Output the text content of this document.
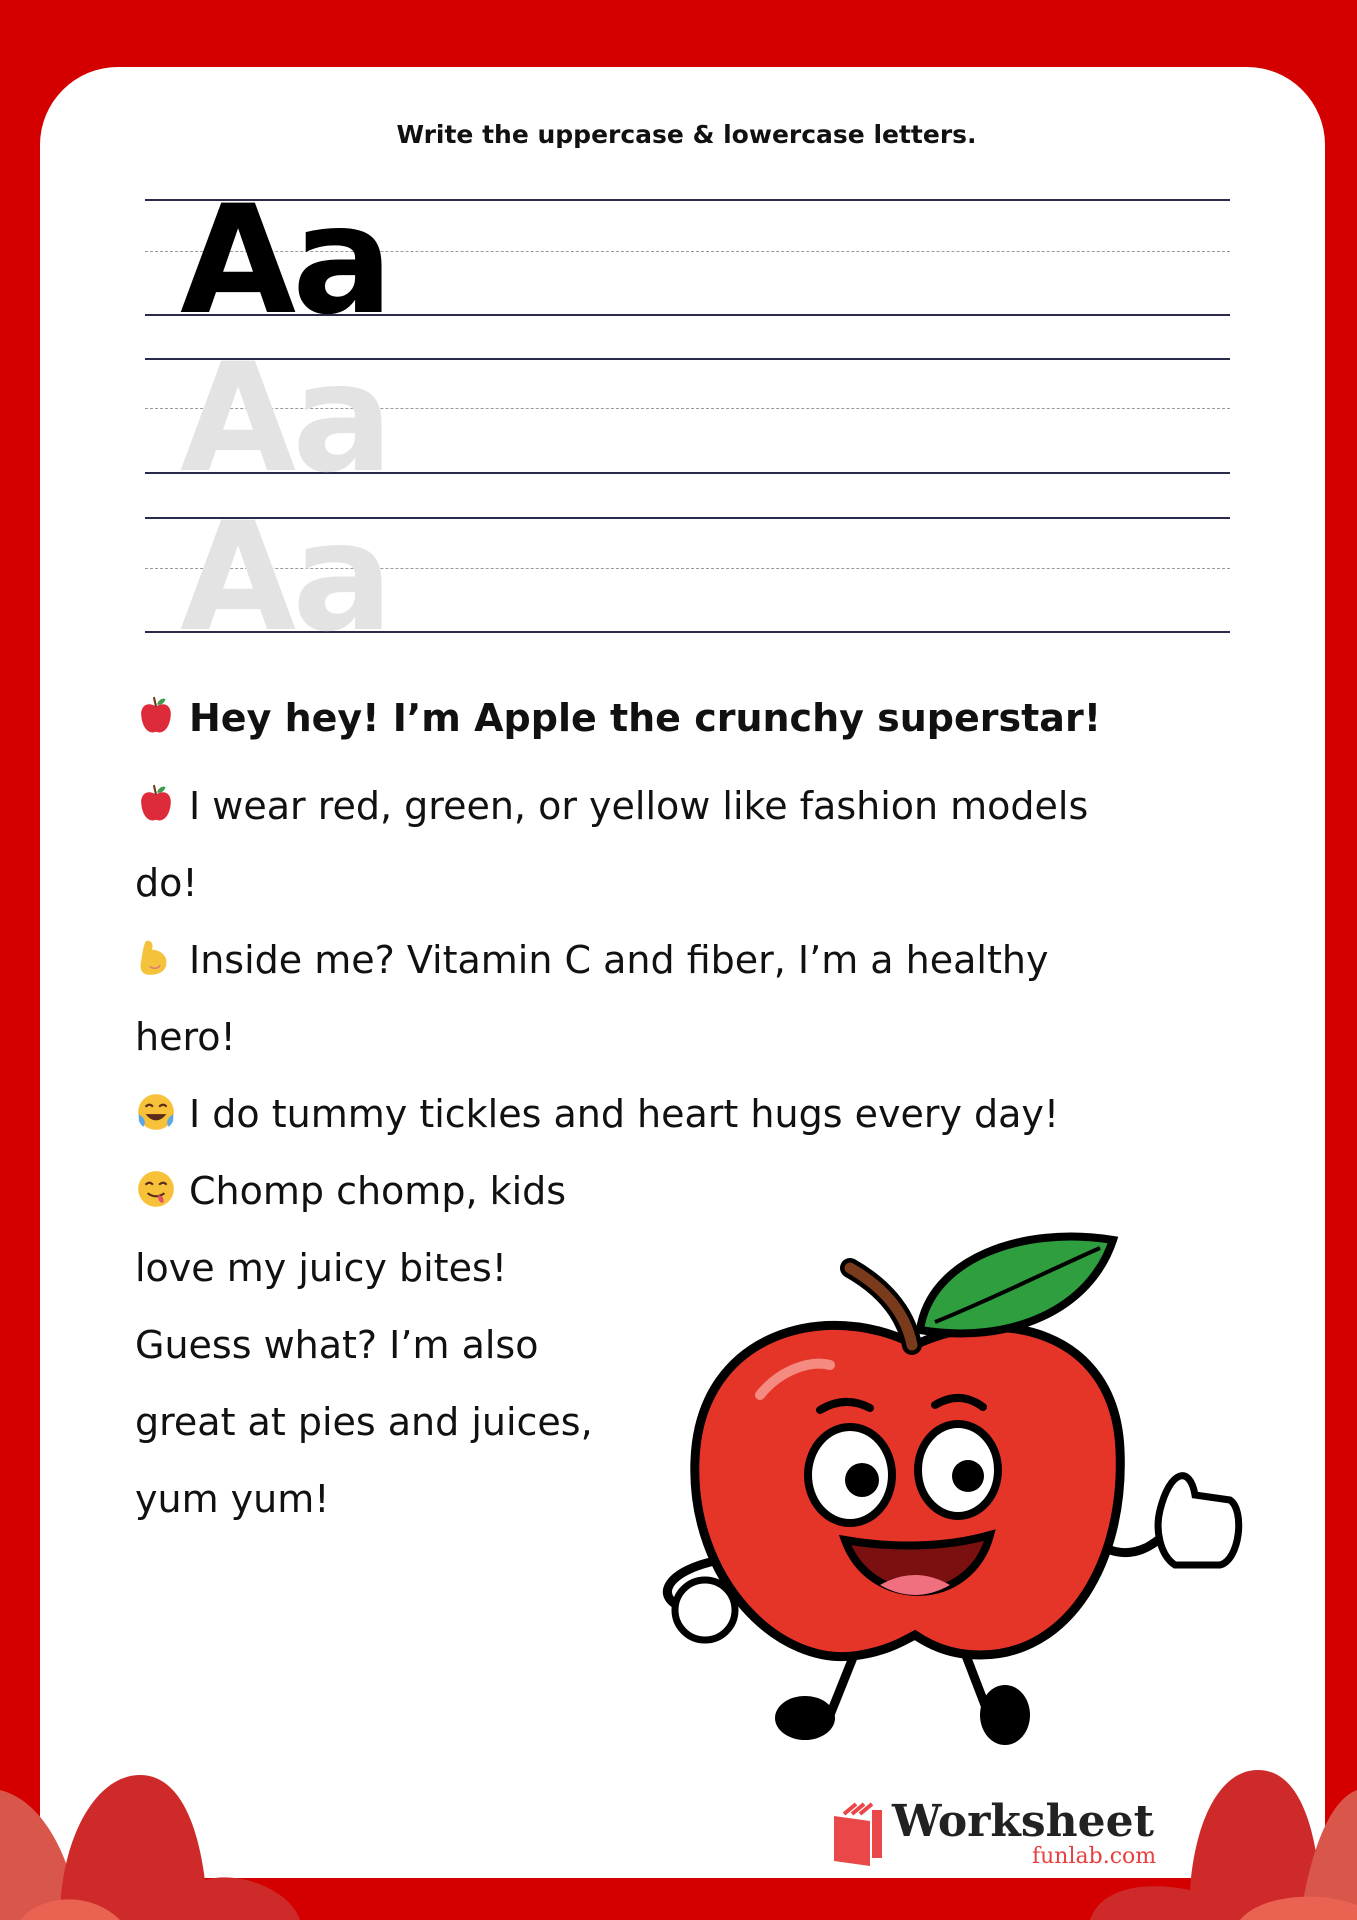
Write the uppercase & lowercase letters.
Aa
Aa
Aa
Hey hey! I’m Apple the crunchy superstar!
I wear red, green, or yellow like fashion models
do!
Inside me? Vitamin C and fiber, I’m a healthy
hero!
I do tummy tickles and heart hugs every day!
Chomp chomp, kids
love my juicy bites!
Guess what? I’m also
great at pies and juices,
yum yum!
Worksheet
funlab.com
